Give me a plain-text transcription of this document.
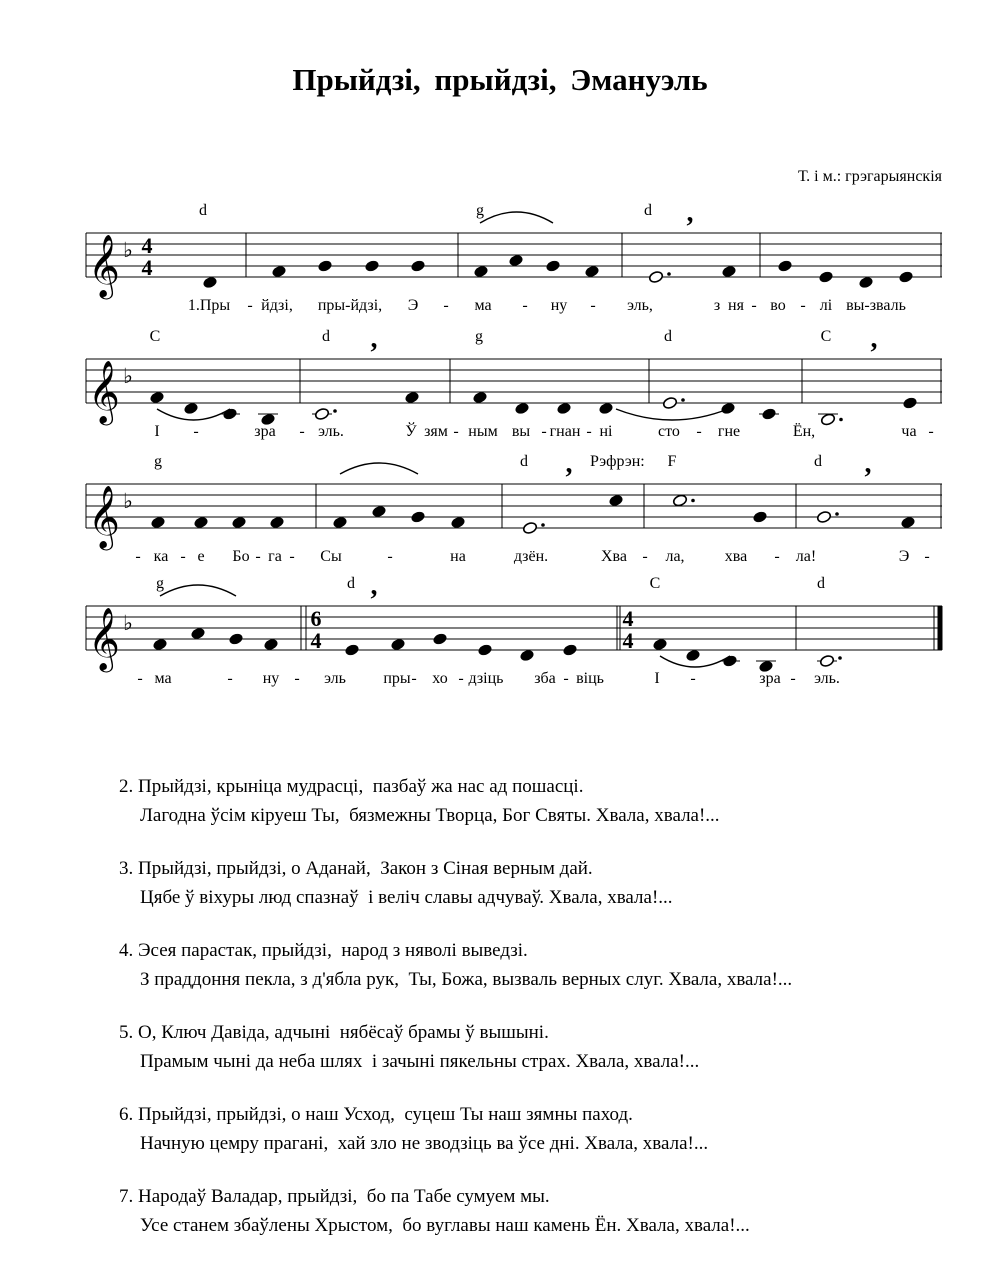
Прыйдзі, прыйдзі, Эмануэль
Т. і м.: грэгарыянскія
𝄞 ♭ 4
4
,
d	g	d
1.Пры - йдзі, пры-йдзі, Э - ма - ну - эль,	з ня - во - лі вы-зваль
𝄞 ♭
,	,
C	d	g	d	C
І -	зра - эль.	Ў зям - ным вы - гнан - ні	сто - гне	Ён,	ча -
𝄞 ♭
,	,
g	d	F	d
- ка - е Бо - га - Сы	-	на	дзён.	Хва - ла,	хва - ла!	Э -
𝄞 ♭	6
4
4
4
,
g	d	C	d
- ма	- ну - эль пры - хо - дзіць зба - віць	І -	зра - эль.
Рэфрэн:
2. Прыйдзі, крыніца мудрасці,  пазбаў жа нас ад пошасці.
Лагодна ўсім кіруеш Ты,  бязмежны Творца, Бог Святы. Хвала, хвала!...
3. Прыйдзі, прыйдзі, о Аданай,  Закон з Сіная верным дай.
Цябе ў віхуры люд спазнаў  і веліч славы адчуваў. Хвала, хвала!...
4. Эсея парастак, прыйдзі,  народ з няволі выведзі.
З праддоння пекла, з д'ябла рук,  Ты, Божа, вызваль верных слуг. Хвала, хвала!...
5. О, Ключ Давіда, адчыні  нябёсаў брамы ў вышыні.
Прамым чыні да неба шлях  і зачыні пякельны страх. Хвала, хвала!...
6. Прыйдзі, прыйдзі, о наш Усход,  суцеш Ты наш зямны паход.
Начную цемру прагані,  хай зло не зводзіць ва ўсе дні. Хвала, хвала!...
7. Народаў Валадар, прыйдзі,  бо па Табе сумуем мы.
Усе станем збаўлены Хрыстом,  бо вуглавы наш камень Ён. Хвала, хвала!...
